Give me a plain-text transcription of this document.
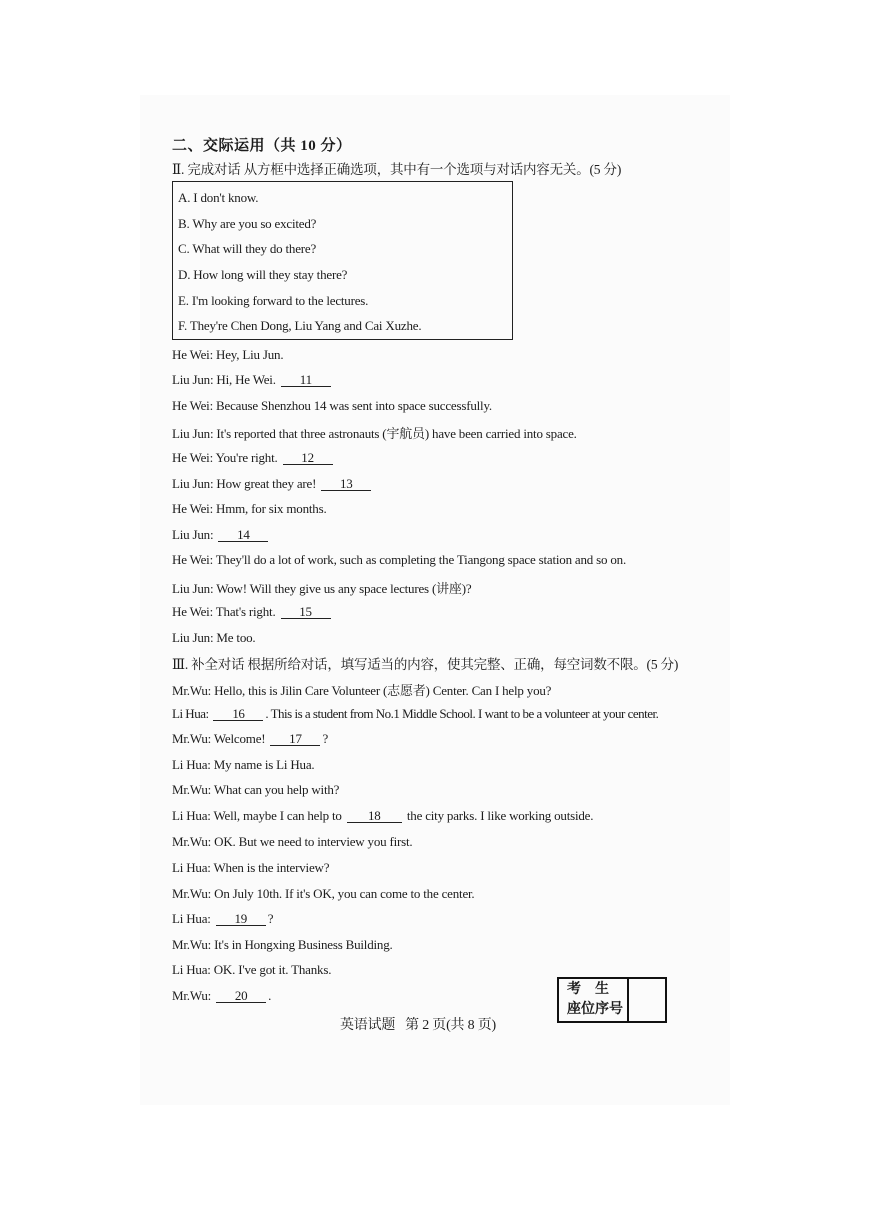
二、交际运用（共 10 分）
Ⅱ. 完成对话 从方框中选择正确选项，其中有一个选项与对话内容无关。(5 分)
A. I don't know.
B. Why are you so excited?
C. What will they do there?
D. How long will they stay there?
E. I'm looking forward to the lectures.
F. They're Chen Dong, Liu Yang and Cai Xuzhe.
He Wei: Hey, Liu Jun.
Liu Jun: Hi, He Wei. 11
He Wei: Because Shenzhou 14 was sent into space successfully.
Liu Jun: It's reported that three astronauts (宇航员) have been carried into space.
He Wei: You're right. 12
Liu Jun: How great they are! 13
He Wei: Hmm, for six months.
Liu Jun: 14
He Wei: They'll do a lot of work, such as completing the Tiangong space station and so on.
Liu Jun: Wow! Will they give us any space lectures (讲座)?
He Wei: That's right. 15
Liu Jun: Me too.
Ⅲ. 补全对话 根据所给对话，填写适当的内容，使其完整、正确，每空词数不限。(5 分)
Mr.Wu: Hello, this is Jilin Care Volunteer (志愿者) Center. Can I help you?
Li Hua: 16 . This is a student from No.1 Middle School. I want to be a volunteer at your center.
Mr.Wu: Welcome! 17 ?
Li Hua: My name is Li Hua.
Mr.Wu: What can you help with?
Li Hua: Well, maybe I can help to 18 the city parks. I like working outside.
Mr.Wu: OK. But we need to interview you first.
Li Hua: When is the interview?
Mr.Wu: On July 10th. If it's OK, you can come to the center.
Li Hua: 19 ?
Mr.Wu: It's in Hongxing Business Building.
Li Hua: OK. I've got it. Thanks.
Mr.Wu: 20 .	考    生
座位序号
英语试题   第 2 页(共 8 页)
